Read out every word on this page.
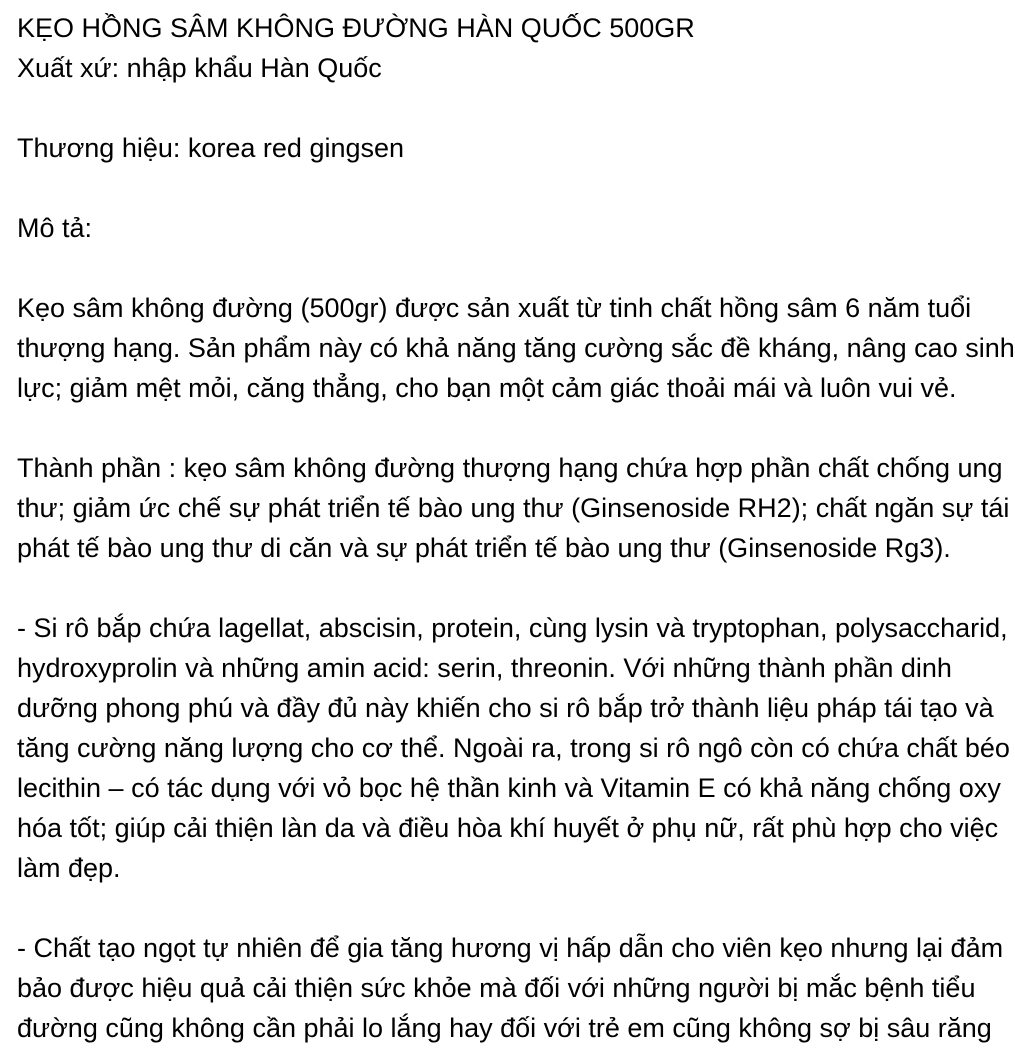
KẸO HỒNG SÂM KHÔNG ĐƯỜNG HÀN QUỐC 500GR
Xuất xứ: nhập khẩu Hàn Quốc
Thương hiệu: korea red gingsen
Mô tả:
Kẹo sâm không đường (500gr) được sản xuất từ tinh chất hồng sâm 6 năm tuổi
thượng hạng. Sản phẩm này có khả năng tăng cường sắc đề kháng, nâng cao sinh
lực; giảm mệt mỏi, căng thẳng, cho bạn một cảm giác thoải mái và luôn vui vẻ.
Thành phần : kẹo sâm không đường thượng hạng chứa hợp phần chất chống ung
thư; giảm ức chế sự phát triển tế bào ung thư (Ginsenoside RH2); chất ngăn sự tái
phát tế bào ung thư di căn và sự phát triển tế bào ung thư (Ginsenoside Rg3).
- Si rô bắp chứa lagellat, abscisin, protein, cùng lysin và tryptophan, polysaccharid,
hydroxyprolin và những amin acid: serin, threonin. Với những thành phần dinh
dưỡng phong phú và đầy đủ này khiến cho si rô bắp trở thành liệu pháp tái tạo và
tăng cường năng lượng cho cơ thể. Ngoài ra, trong si rô ngô còn có chứa chất béo
lecithin – có tác dụng với vỏ bọc hệ thần kinh và Vitamin E có khả năng chống oxy
hóa tốt; giúp cải thiện làn da và điều hòa khí huyết ở phụ nữ, rất phù hợp cho việc
làm đẹp.
- Chất tạo ngọt tự nhiên để gia tăng hương vị hấp dẫn cho viên kẹo nhưng lại đảm
bảo được hiệu quả cải thiện sức khỏe mà đối với những người bị mắc bệnh tiểu
đường cũng không cần phải lo lắng hay đối với trẻ em cũng không sợ bị sâu răng
